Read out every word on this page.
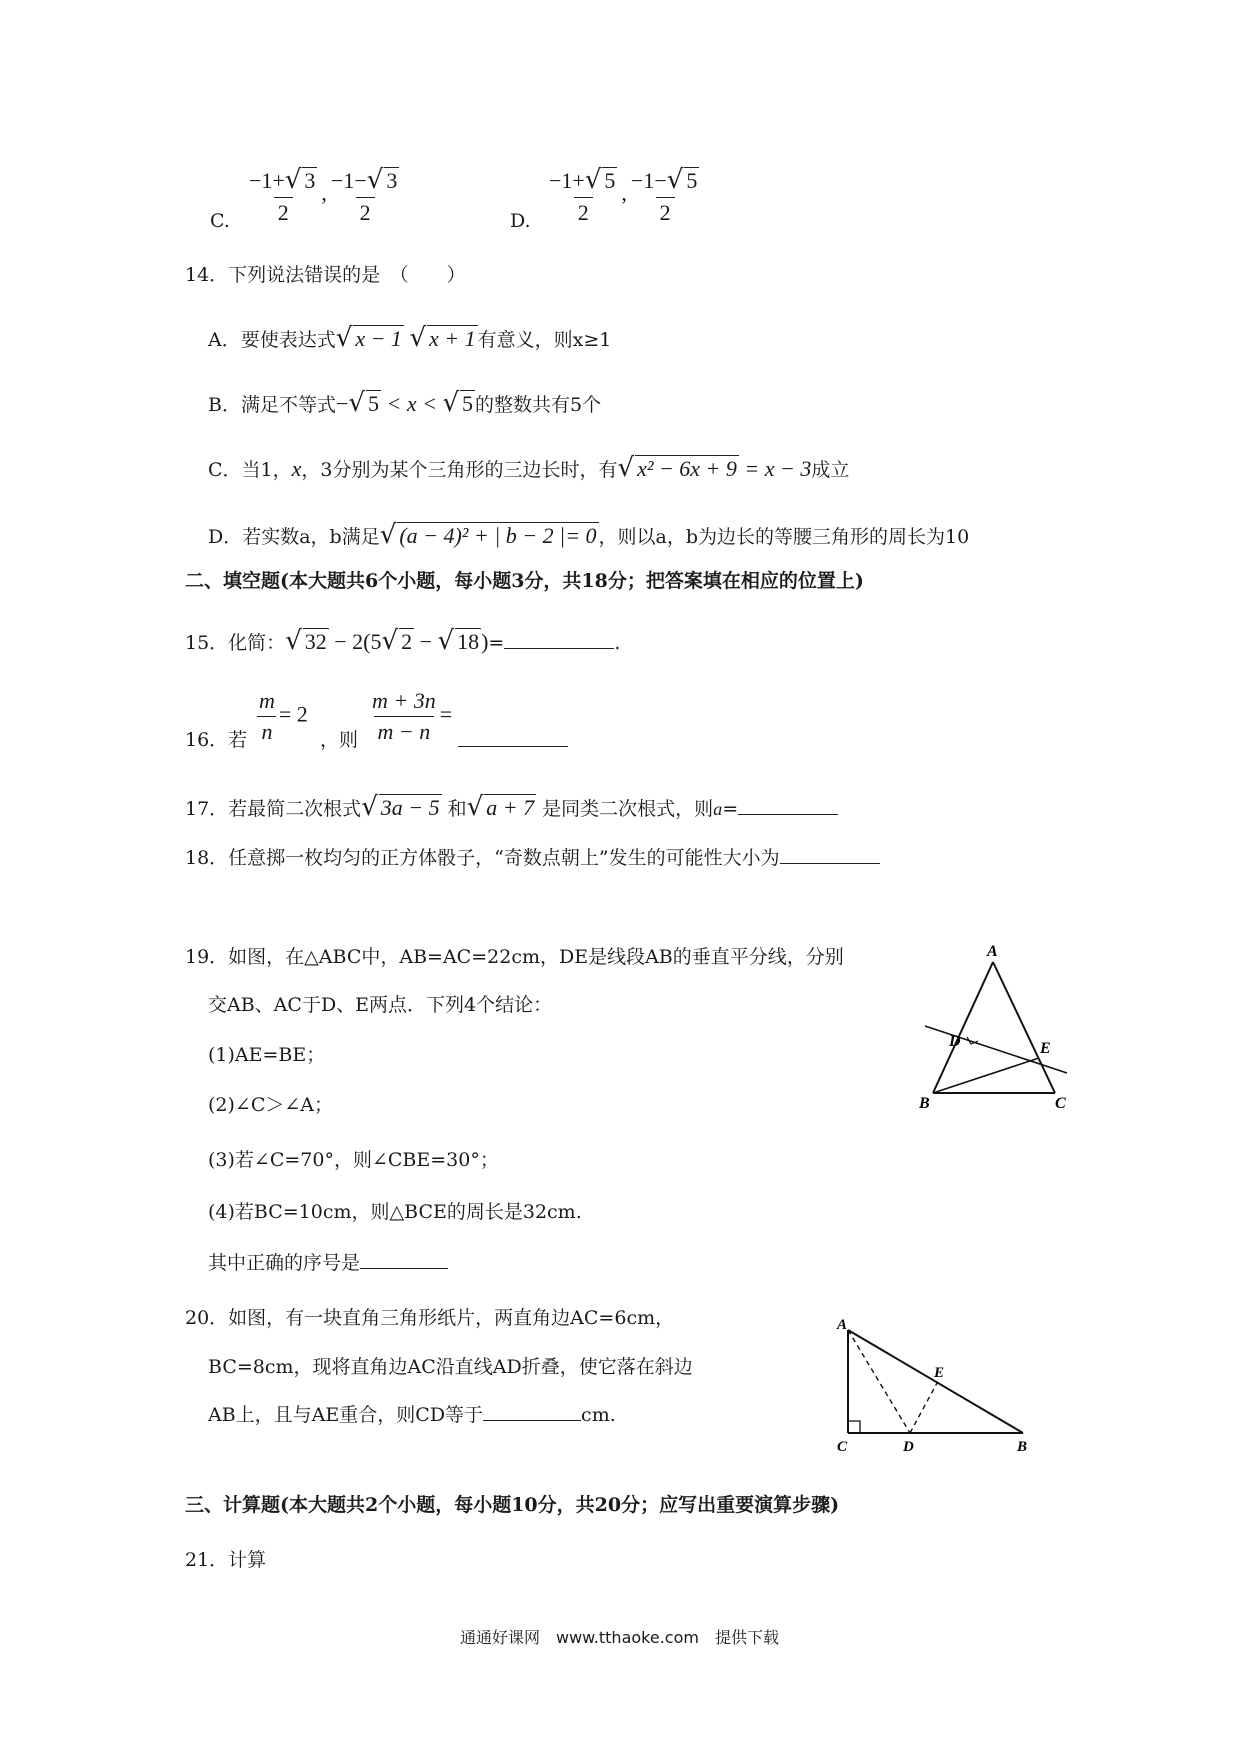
C. $\frac{-1+√ 3}{2}$ , $\frac{-1-√ 3}{2}$	D. $\frac{-1+√ 5}{2}$ , $\frac{-1-√ 5}{2}$
14．下列说法错误的是　（　　）
A．要使表达式√ x − 1 √ x + 1 有意义，则x≥1
B．满足不等式−√ 5 < x < √ 5 的整数共有5个
C．当1，x，3分别为某个三角形的三边长时，有√ x² − 6x + 9 = x − 3成立
D．若实数a，b满足√ (a − 4)² + | b − 2 |= 0 ，则以a，b为边长的等腰三角形的周长为10
二、填空题(本大题共6个小题，每小题3分，共18分；把答案填在相应的位置上)
15．化简：√ 32 − 2(5√ 2 − √ 18)=	.
16．若 $\frac{m}{n} = 2$
，则 $\frac{m + 3n}{m - n}$ =
17．若最简二次根式√ 3a − 5 和√ a + 7 是同类二次根式，则a=
18．任意掷一枚均匀的正方体骰子，“奇数点朝上”发生的可能性大小为
19．如图，在△ABC中，AB=AC=22cm，DE是线段AB的垂直平分线，分别
交AB、AC于D、E两点．下列4个结论：
(1)AE=BE；
(2)∠C＞∠A；
(3)若∠C=70°，则∠CBE=30°；
(4)若BC=10cm，则△BCE的周长是32cm.
其中正确的序号是
A
B	C
D	E
20．如图，有一块直角三角形纸片，两直角边AC=6cm，
BC=8cm，现将直角边AC沿直线AD折叠，使它落在斜边
AB上，且与AE重合，则CD等于	cm.
A
C	D	B
E
三、计算题(本大题共2个小题，每小题10分，共20分；应写出重要演算步骤)
21．计算
通通好课网　www.tthaoke.com　提供下载
